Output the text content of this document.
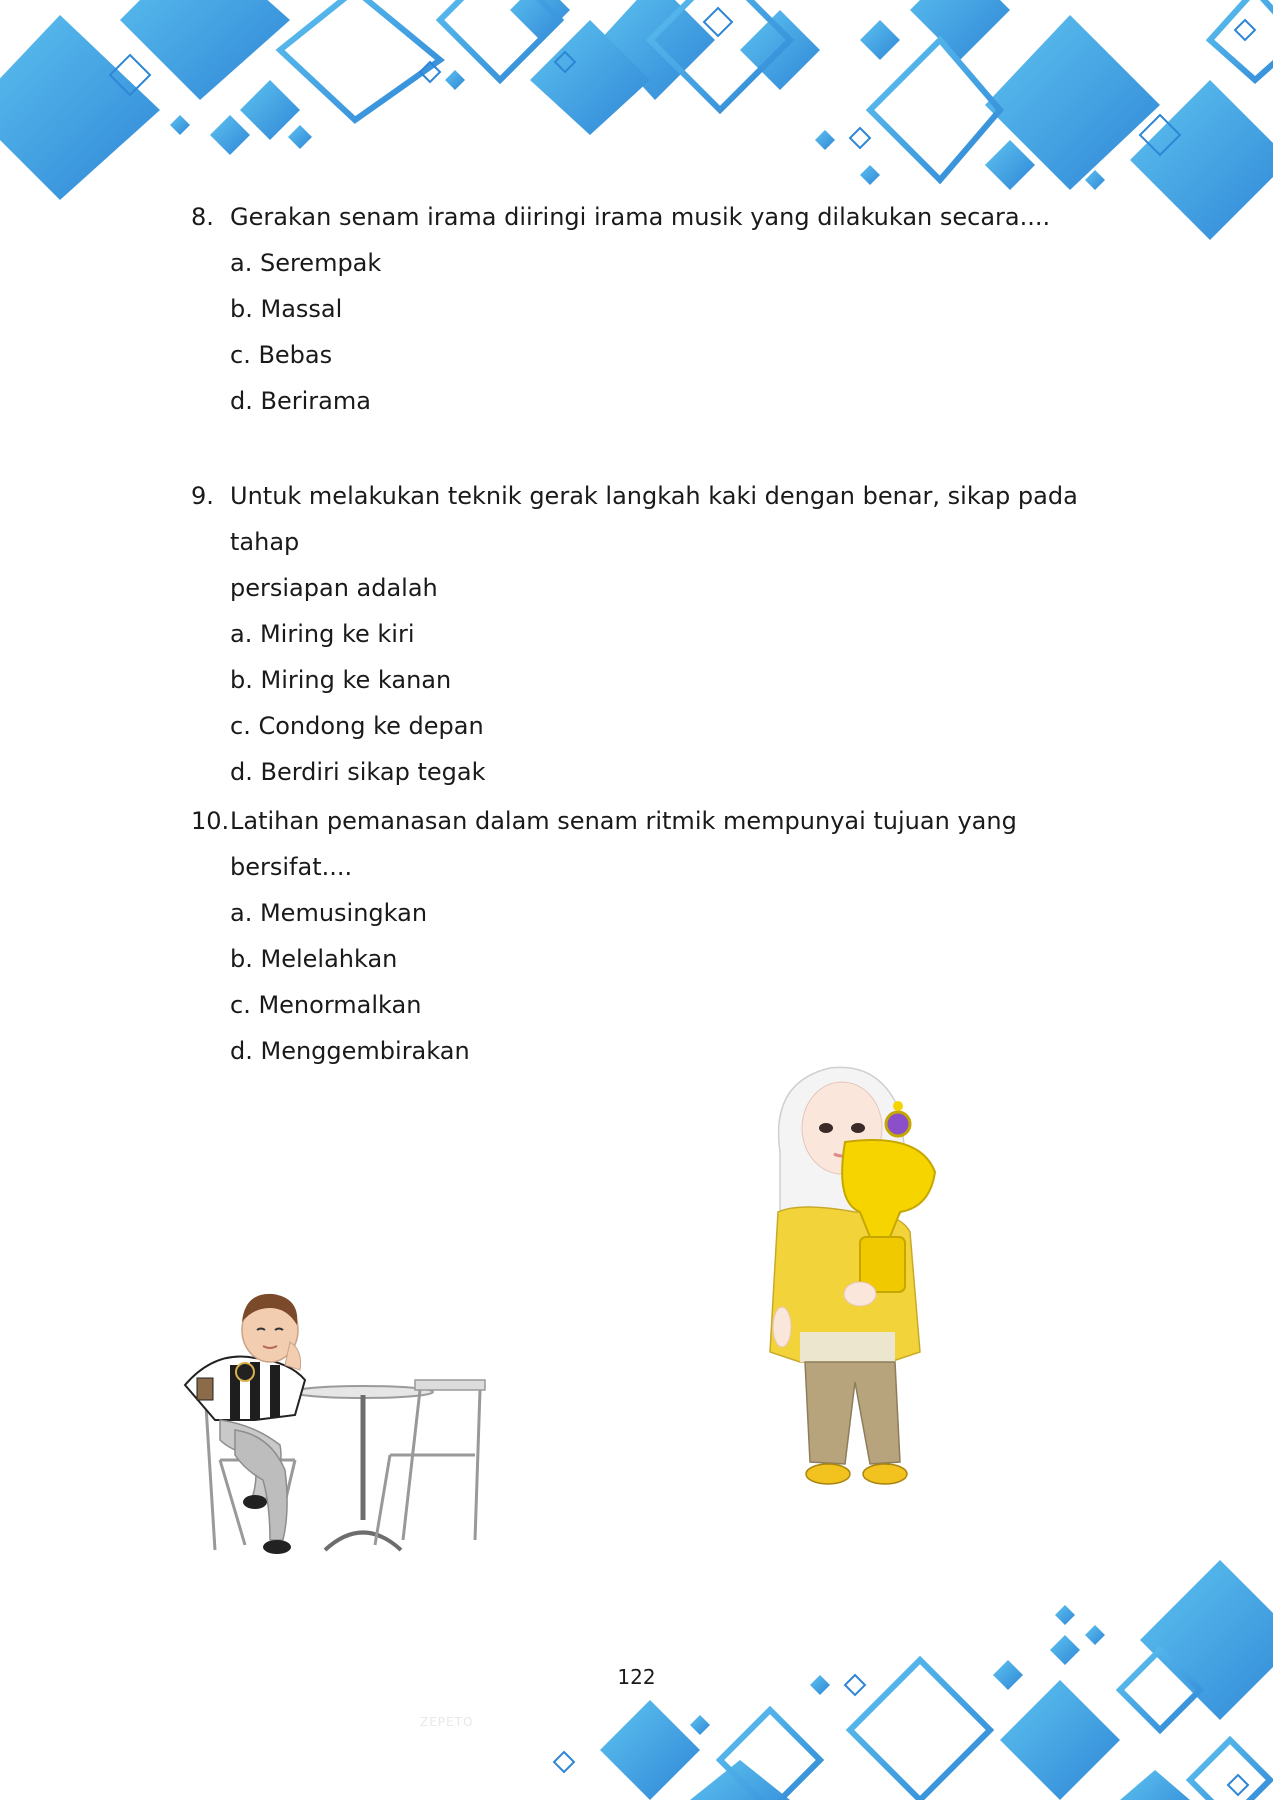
8. Gerakan senam irama diiringi irama musik yang dilakukan secara....
a. Serempak
b. Massal
c. Bebas
d. Berirama
9. Untuk melakukan teknik gerak langkah kaki dengan benar, sikap pada tahap
persiapan adalah
a. Miring ke kiri
b. Miring ke kanan
c. Condong ke depan
d. Berdiri sikap tegak
10. Latihan pemanasan dalam senam ritmik mempunyai tujuan yang bersifat....
a. Memusingkan
b. Melelahkan
c. Menormalkan
d. Menggembirakan
ZEPETO
122
